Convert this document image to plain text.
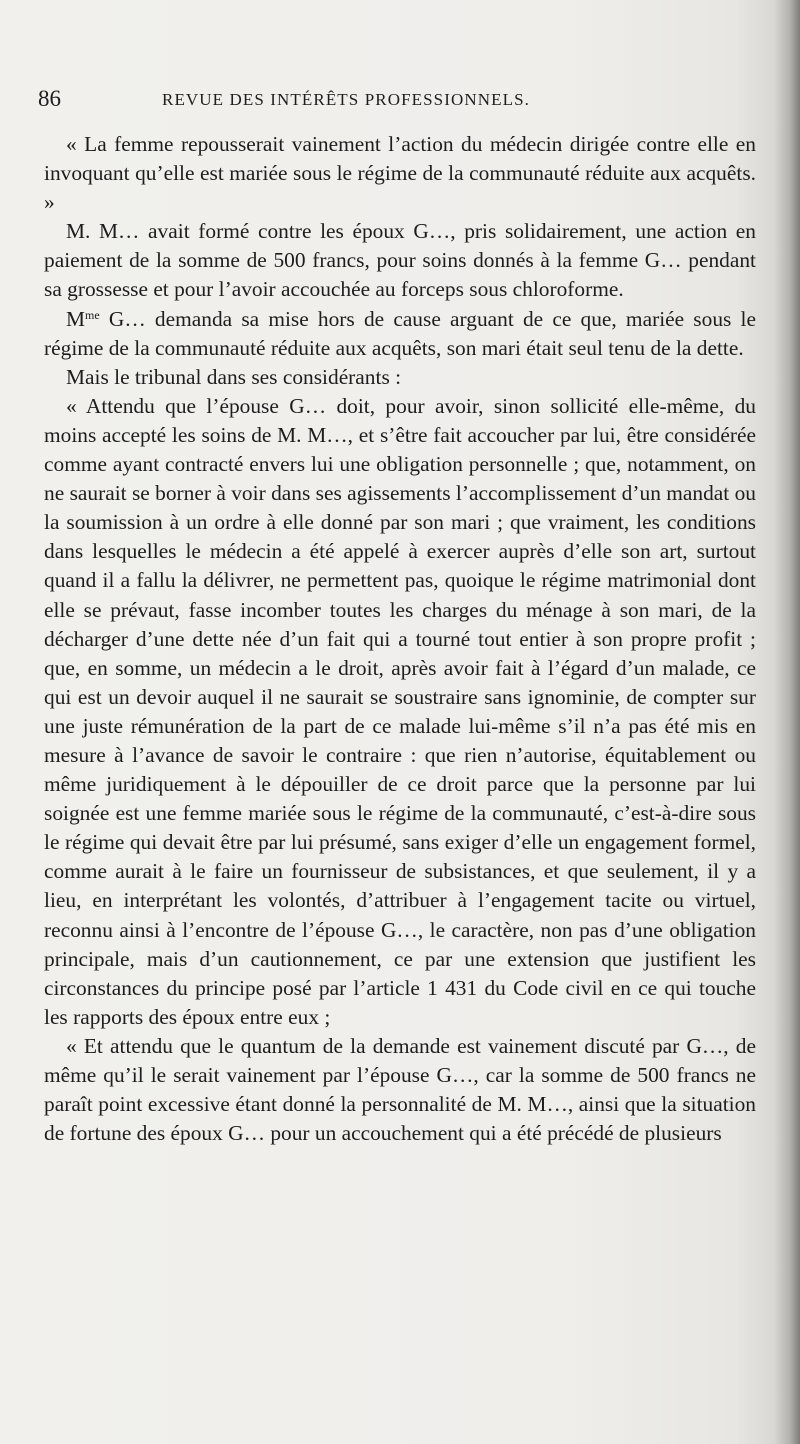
86	REVUE DES INTÉRÊTS PROFESSIONNELS.

« La femme repousserait vainement l’action du médecin dirigée contre elle en invoquant qu’elle est mariée sous le régime de la communauté réduite aux acquêts. »

M. M… avait formé contre les époux G…, pris solidairement, une action en paiement de la somme de 500 francs, pour soins donnés à la femme G… pendant sa grossesse et pour l’avoir accouchée au forceps sous chloroforme.

$M^{me}$ G… demanda sa mise hors de cause arguant de ce que, mariée sous le régime de la communauté réduite aux acquêts, son mari était seul tenu de la dette.

Mais le tribunal dans ses considérants :

« Attendu que l’épouse G… doit, pour avoir, sinon sollicité elle-même, du moins accepté les soins de M. M…, et s’être fait accoucher par lui, être considérée comme ayant contracté envers lui une obligation personnelle ; que, notamment, on ne saurait se borner à voir dans ses agissements l’accomplissement d’un mandat ou la soumission à un ordre à elle donné par son mari ; que vraiment, les conditions dans lesquelles le médecin a été appelé à exercer auprès d’elle son art, surtout quand il a fallu la délivrer, ne permettent pas, quoique le régime matrimonial dont elle se prévaut, fasse incomber toutes les charges du ménage à son mari, de la décharger d’une dette née d’un fait qui a tourné tout entier à son propre profit ; que, en somme, un médecin a le droit, après avoir fait à l’égard d’un malade, ce qui est un devoir auquel il ne saurait se soustraire sans ignominie, de compter sur une juste rémunération de la part de ce malade lui-même s’il n’a pas été mis en mesure à l’avance de savoir le contraire : que rien n’autorise, équitablement ou même juridiquement à le dépouiller de ce droit parce que la personne par lui soignée est une femme mariée sous le régime de la communauté, c’est-à-dire sous le régime qui devait être par lui présumé, sans exiger d’elle un engagement formel, comme aurait à le faire un fournisseur de subsistances, et que seulement, il y a lieu, en interprétant les volontés, d’attribuer à l’engagement tacite ou virtuel, reconnu ainsi à l’encontre de l’épouse G…, le caractère, non pas d’une obligation principale, mais d’un cautionnement, ce par une extension que justifient les circonstances du principe posé par l’article 1 431 du Code civil en ce qui touche les rapports des époux entre eux ;

« Et attendu que le quantum de la demande est vainement discuté par G…, de même qu’il le serait vainement par l’épouse G…, car la somme de 500 francs ne paraît point excessive étant donné la personnalité de M. M…, ainsi que la situation de fortune des époux G… pour un accouchement qui a été précédé de plusieurs
